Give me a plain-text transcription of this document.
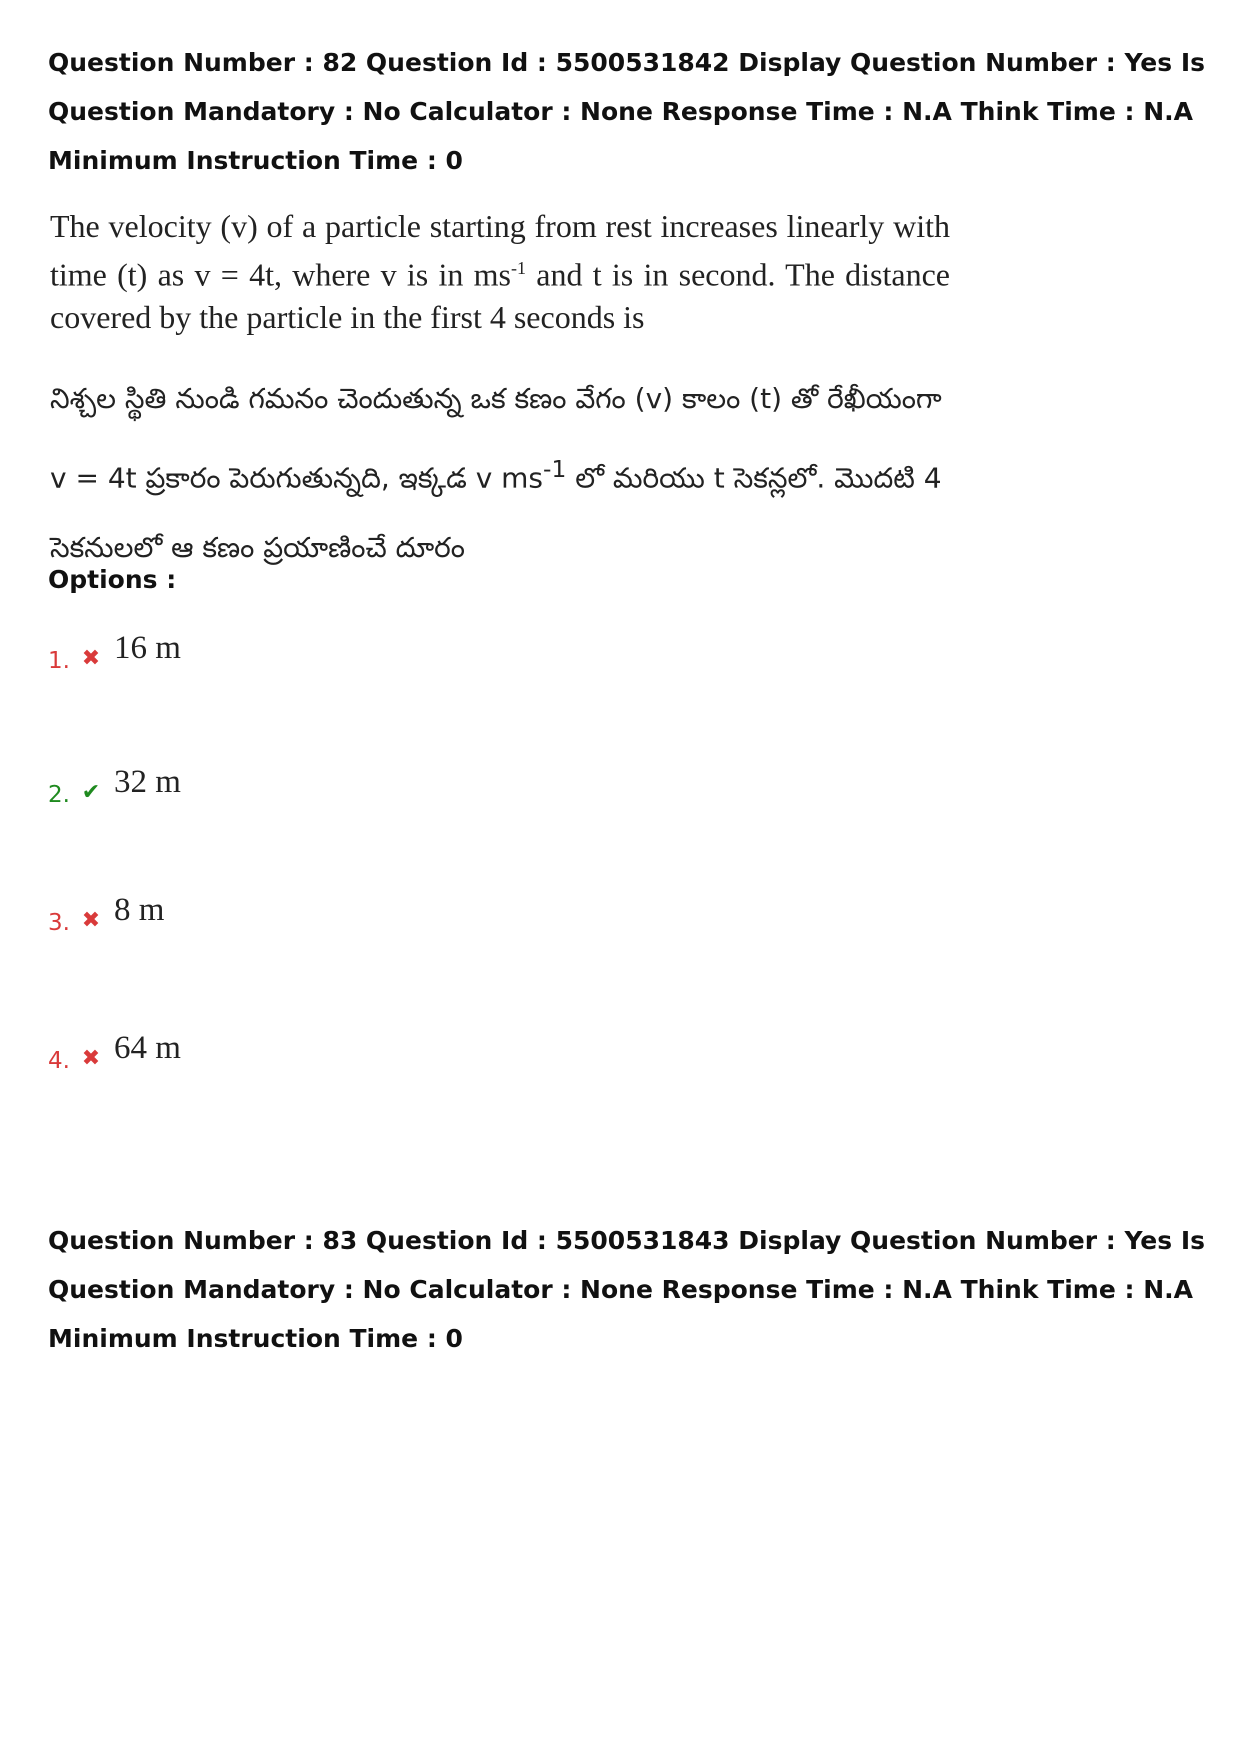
Question Number : 82 Question Id : 5500531842 Display Question Number : Yes Is Question Mandatory : No Calculator : None Response Time : N.A Think Time : N.A Minimum Instruction Time : 0

The velocity (v) of a particle starting from rest increases linearly with time (t) as v = 4t, where v is in $ms^{-1}$ and t is in second. The distance covered by the particle in the first 4 seconds is
నిశ్చల స్థితి నుండి గమనం చెందుతున్న ఒక కణం వేగం (v) కాలం (t) తో రేఖీయంగా v = 4t ప్రకారం పెరుగుతున్నది, ఇక్కడ v $ms^{-1}$ లో మరియు t సెకన్లలో. మొదటి 4 సెకనులలో ఆ కణం ప్రయాణించే దూరం
Options :
1. ✖ 16 m
2. ✔ 32 m
3. ✖ 8 m
4. ✖ 64 m

Question Number : 83 Question Id : 5500531843 Display Question Number : Yes Is Question Mandatory : No Calculator : None Response Time : N.A Think Time : N.A Minimum Instruction Time : 0
